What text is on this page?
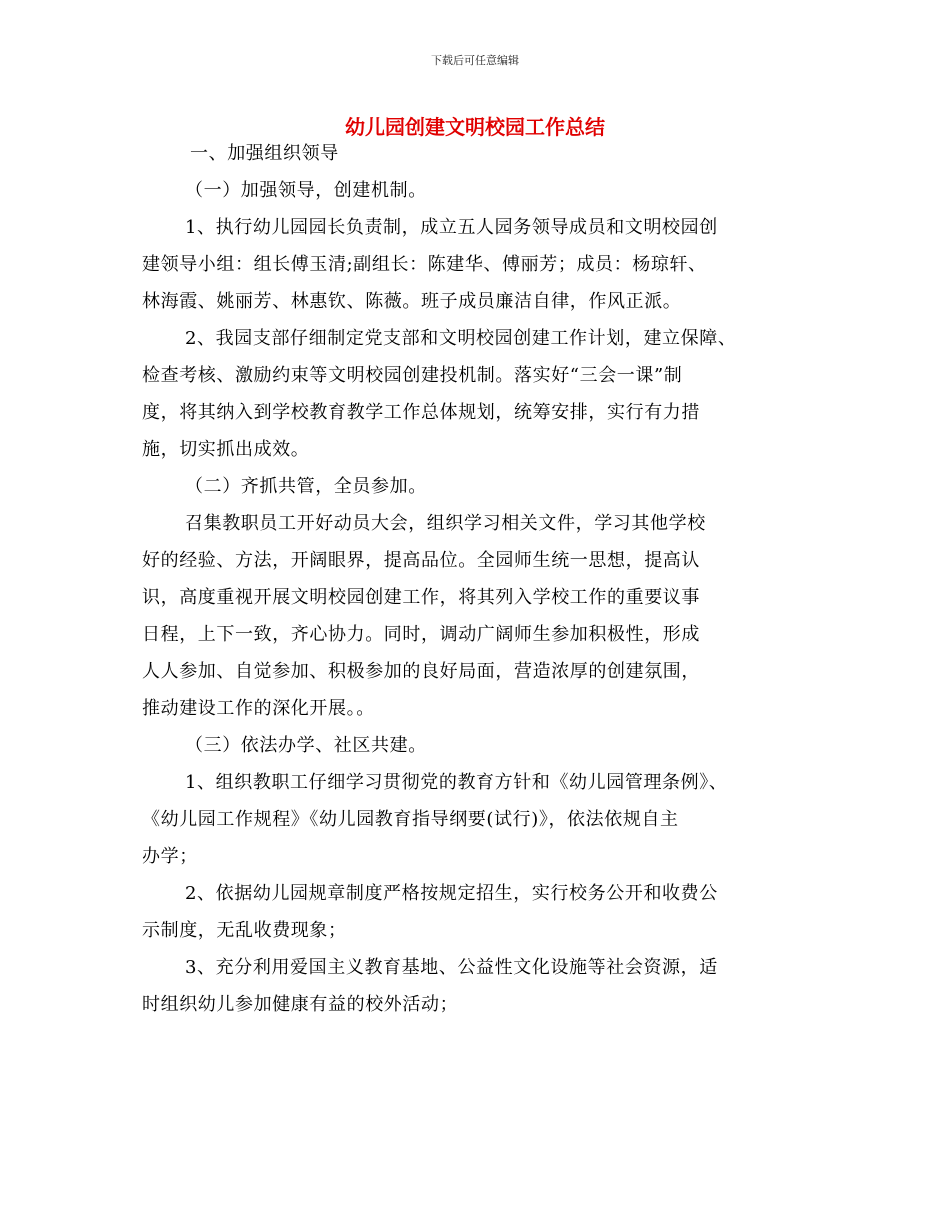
下载后可任意编辑
幼儿园创建文明校园工作总结
一、加强组织领导
（一）加强领导，创建机制。
1、执行幼儿园园长负责制，成立五人园务领导成员和文明校园创
建领导小组：组长傅玉清;副组长：陈建华、傅丽芳；成员：杨琼轩、
林海霞、姚丽芳、林惠钦、陈薇。班子成员廉洁自律，作风正派。
2、我园支部仔细制定党支部和文明校园创建工作计划，建立保障、
检查考核、激励约束等文明校园创建投机制。落实好“三会一课”制
度，将其纳入到学校教育教学工作总体规划，统筹安排，实行有力措
施，切实抓出成效。
（二）齐抓共管，全员参加。
召集教职员工开好动员大会，组织学习相关文件，学习其他学校
好的经验、方法，开阔眼界，提高品位。全园师生统一思想，提高认
识，高度重视开展文明校园创建工作，将其列入学校工作的重要议事
日程，上下一致，齐心协力。同时，调动广阔师生参加积极性，形成
人人参加、自觉参加、积极参加的良好局面，营造浓厚的创建氛围，
推动建设工作的深化开展。。
（三）依法办学、社区共建。
1、组织教职工仔细学习贯彻党的教育方针和《幼儿园管理条例》、
《幼儿园工作规程》《幼儿园教育指导纲要(试行)》，依法依规自主
办学；
2、依据幼儿园规章制度严格按规定招生，实行校务公开和收费公
示制度，无乱收费现象；
3、充分利用爱国主义教育基地、公益性文化设施等社会资源，适
时组织幼儿参加健康有益的校外活动；
